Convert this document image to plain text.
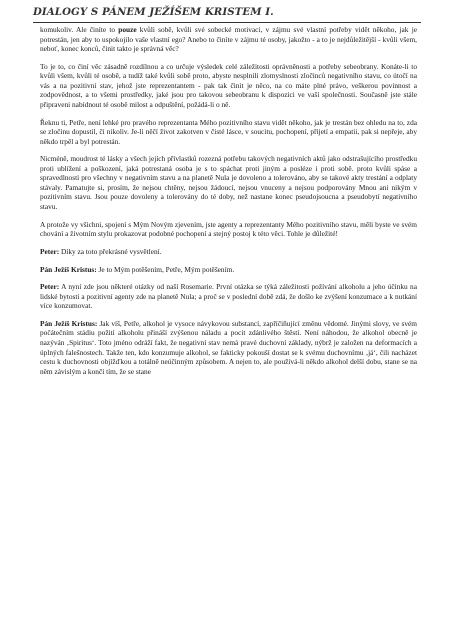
DIALOGY S PÁNEM JEŽÍŠEM KRISTEM I.

komukoliv. Ale činíte to pouze kvůli sobě, kvůli své sobecké motivaci, v zájmu své vlastní potřeby vidět někoho, jak je potrestán, jen aby to uspokojilo vaše vlastní ego? Anebo to činíte v zájmu té osoby, jakožto - a to je nejdůležitější - kvůli všem, neboť, konec konců, činit takto je správná věc?

To je to, co činí věc zásadně rozdílnou a co určuje výsledek celé záležitosti oprávněnosti a potřeby sebeobrany. Konáte-li to kvůli všem, kvůli té osobě, a tudíž také kvůli sobě proto, abyste nesplnili zlomyslnosti zločinců negativního stavu, co útočí na vás a na pozitivní stav, jehož jste reprezentantem - pak tak činit je něco, na co máte plné právo, veškerou povinnost a zodpovědnost, a to všemi prostředky, jaké jsou pro takovou sebeobranu k dispozici ve vaší společnosti. Současně jste stále připraveni nabídnout té osobě milost a odpuštění, požádá-li o ně.

Řeknu ti, Petře, není lehké pro pravého reprezentanta Mého pozitivního stavu vidět někoho, jak je trestán bez ohledu na to, zda se zločinu dopustil, či nikoliv. Je-li něčí život zakotven v čisté lásce, v soucitu, pochopení, přijetí a empatii, pak si nepřeje, aby někdo trpěl a byl potrestán.

Nicméně, moudrost té lásky a všech jejích přívlastků rozezná potřebu takových negativních aktů jako odstrašujícího prostředku proti ublížení a poškození, jaká potrestaná osoba je s to spáchat proti jiným a posléze i proti sobě. proto kvůli spáse a spravedlnosti pro všechny v negativním stavu a na planetě Nula je dovoleno a tolerováno, aby se takové akty trestání a odplaty stávaly. Pamatujte si, prosím, že nejsou chtěny, nejsou žádoucí, nejsou vnuceny a nejsou podporovány Mnou ani nikým v pozitivním stavu. Jsou pouze dovoleny a tolerovány do té doby, než nastane konec pseudojsoucna a pseudobytí negativního stavu.

A protože vy všichni, spojení s Mým Novým zjevením, jste agenty a reprezentanty Mého pozitivního stavu, měli byste ve svém chování a životním stylu prokazovat podobné pochopení a stejný postoj k této věci. Tohle je důležité!

Peter: Díky za toto překrásné vysvětlení.

Pán Ježíš Kristus: Je to Mým potěšením, Petře, Mým potěšením.

Peter: A nyní zde jsou některé otázky od naší Rosemarie. První otázka se týká záležitosti požívání alkoholu a jeho účinku na lidské bytosti a pozitivní agenty zde na planetě Nula; a proč se v poslední době zdá, že došlo ke zvýšení konzumace a k nutkání více konzumovat.

Pán Ježíš Kristus: Jak víš, Petře, alkohol je vysoce návykovou substancí, zapříčiňující změnu vědomé. Jinými slovy, ve svém počátečním stádiu požití alkoholu přináší zvýšenou náladu a pocit zdánlivého štěstí. Není náhodou, že alkohol obecně je nazýván ‚Spiritus‘. Toto jméno odráží fakt, že negativní stav nemá pravé duchovní základy, nýbrž je založen na deformacích a úplných falešnostech. Takže ten, kdo konzumuje alkohol, se fakticky pokouší dostat se k svému duchovnímu ‚já‘, čili nacházet cestu k duchovnosti objížďkou a totálně neúčinným způsobem. A nejen to, ale používá-li někdo alkohol delší dobu, stane se na něm závislým a končí tím, že se stane
